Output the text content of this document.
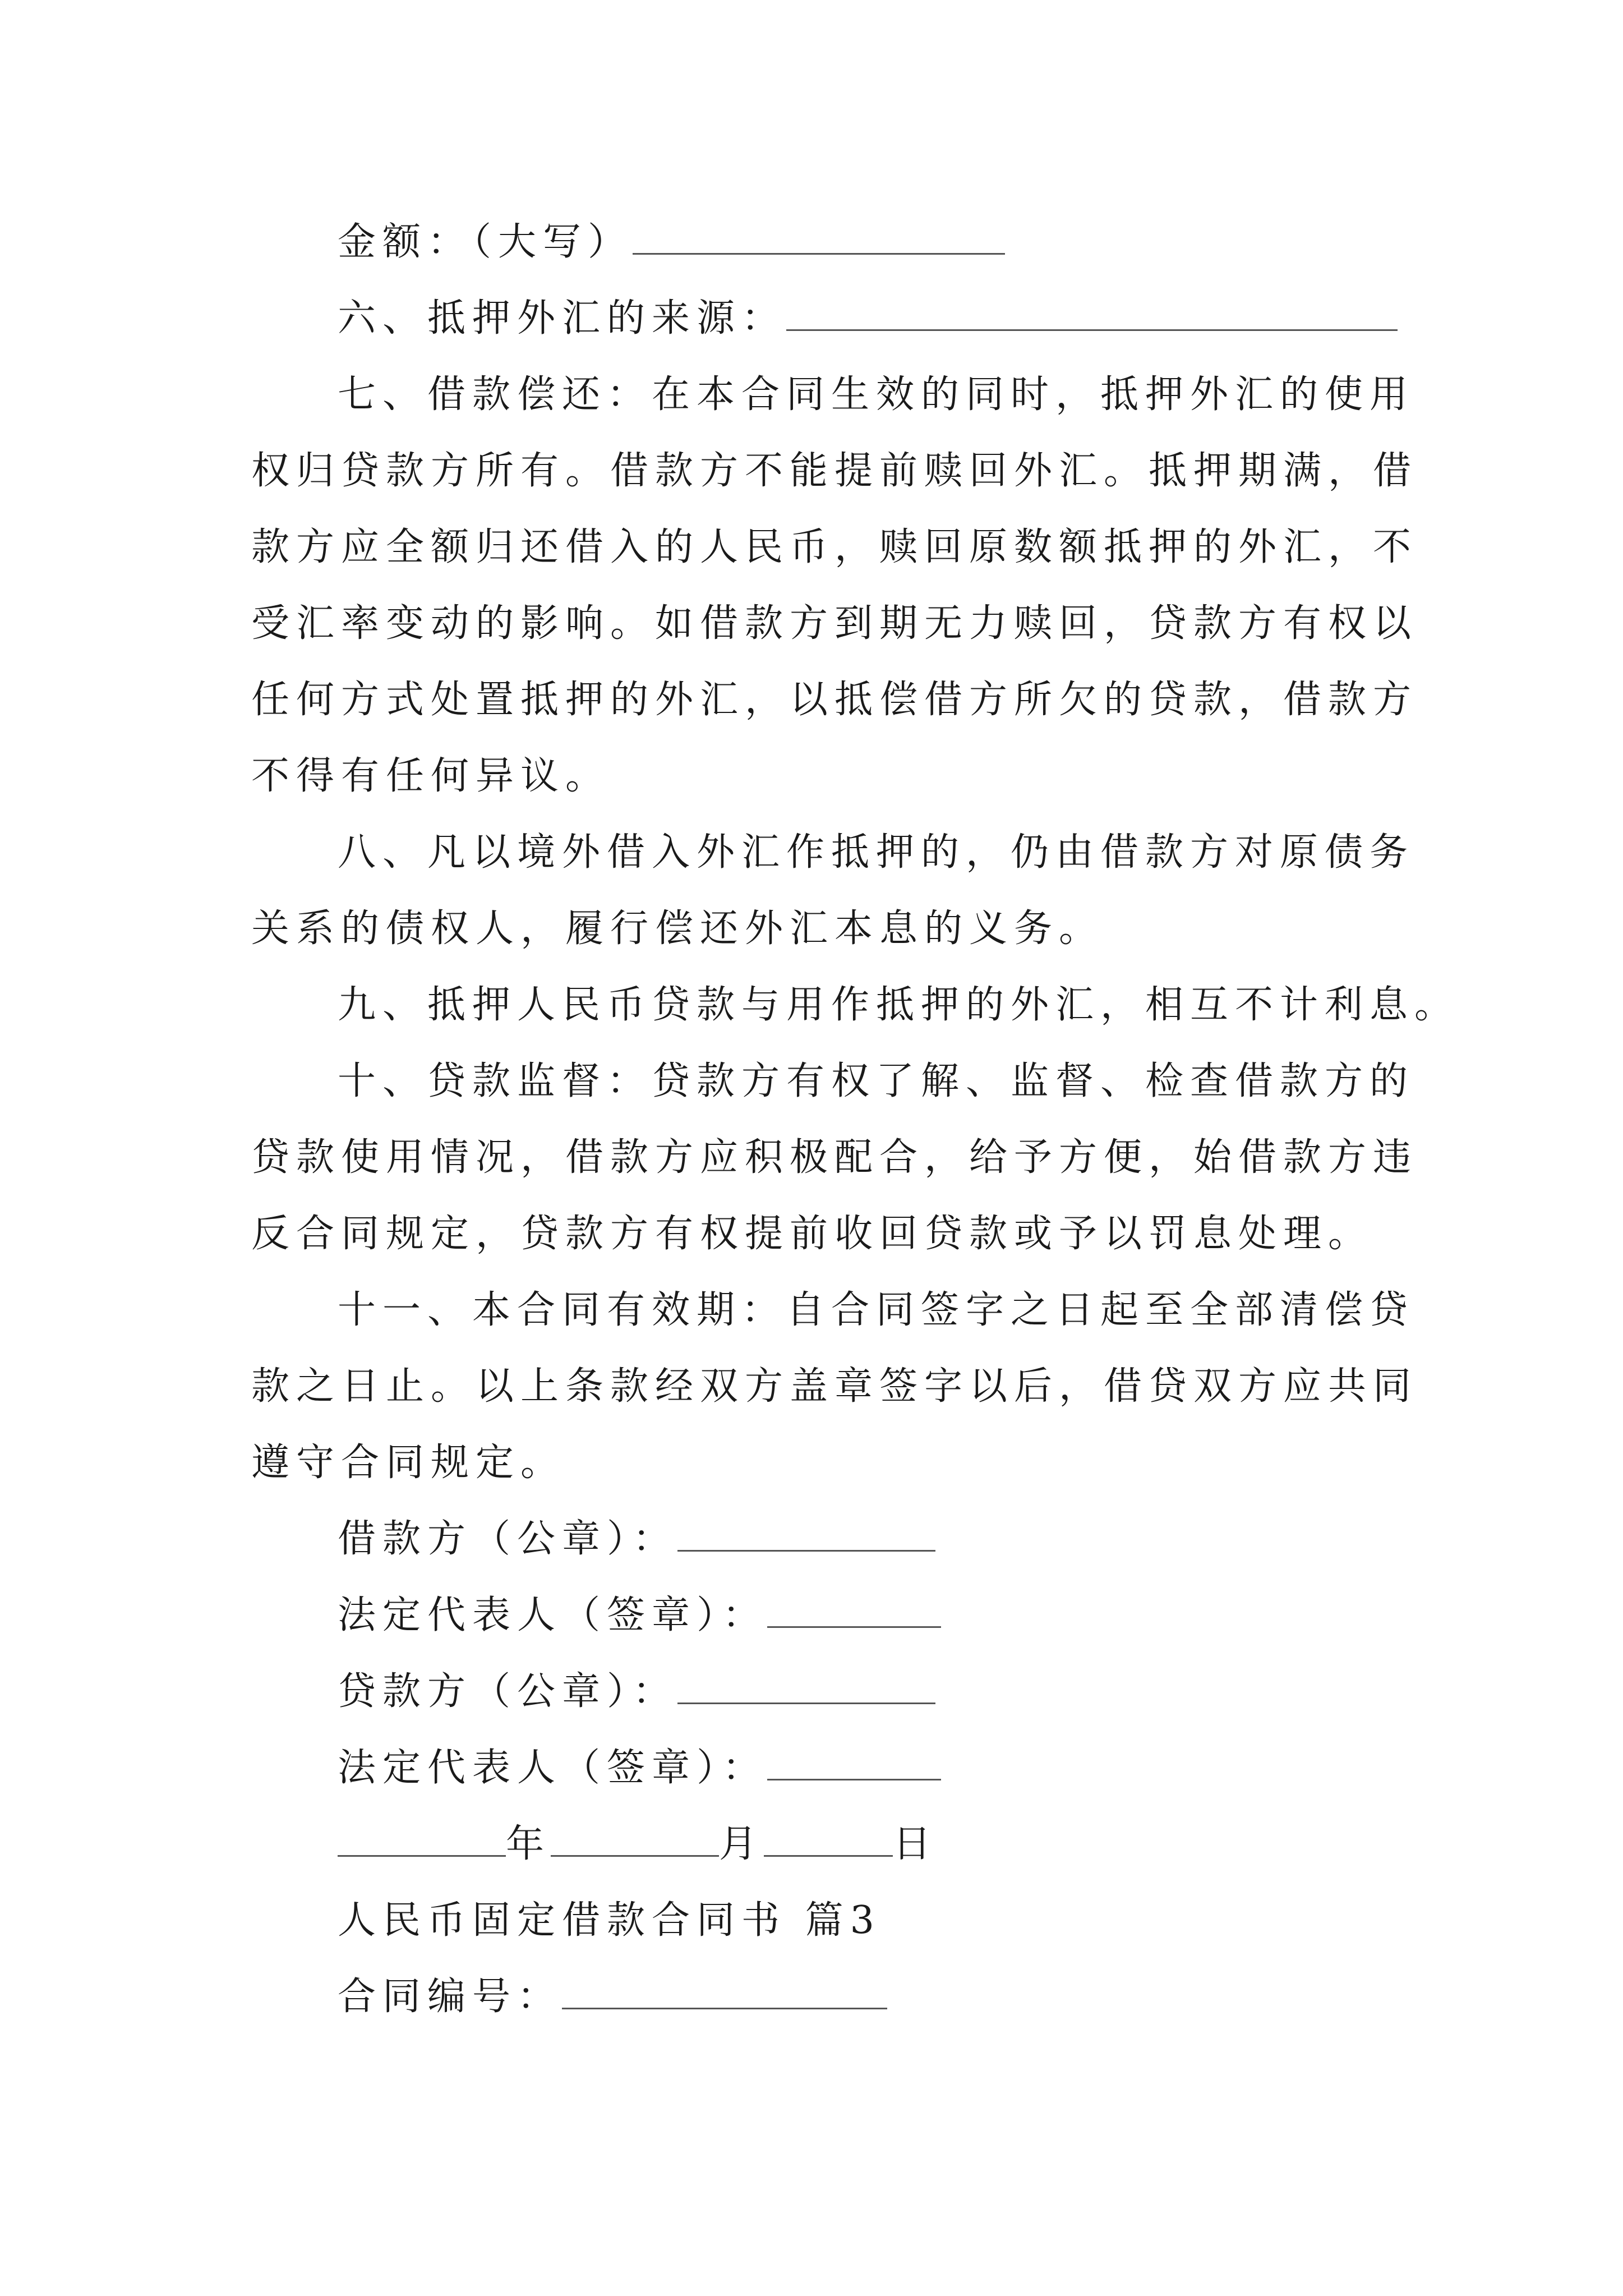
金额：（大写）
六、抵押外汇的来源：
七、借款偿还：在本合同生效的同时，抵押外汇的使用
权归贷款方所有。借款方不能提前赎回外汇。抵押期满，借
款方应全额归还借入的人民币，赎回原数额抵押的外汇，不
受汇率变动的影响。如借款方到期无力赎回，贷款方有权以
任何方式处置抵押的外汇，以抵偿借方所欠的贷款，借款方
不得有任何异议。
八、凡以境外借入外汇作抵押的，仍由借款方对原债务
关系的债权人，履行偿还外汇本息的义务。
九、抵押人民币贷款与用作抵押的外汇，相互不计利息。
十、贷款监督：贷款方有权了解、监督、检查借款方的
贷款使用情况，借款方应积极配合，给予方便，始借款方违
反合同规定，贷款方有权提前收回贷款或予以罚息处理。
十一、本合同有效期：自合同签字之日起至全部清偿贷
款之日止。以上条款经双方盖章签字以后，借贷双方应共同
遵守合同规定。
借款方（公章）：
法定代表人（签章）：
贷款方（公章）：
法定代表人（签章）：
年	月	日
人民币固定借款合同书 篇3
合同编号：
